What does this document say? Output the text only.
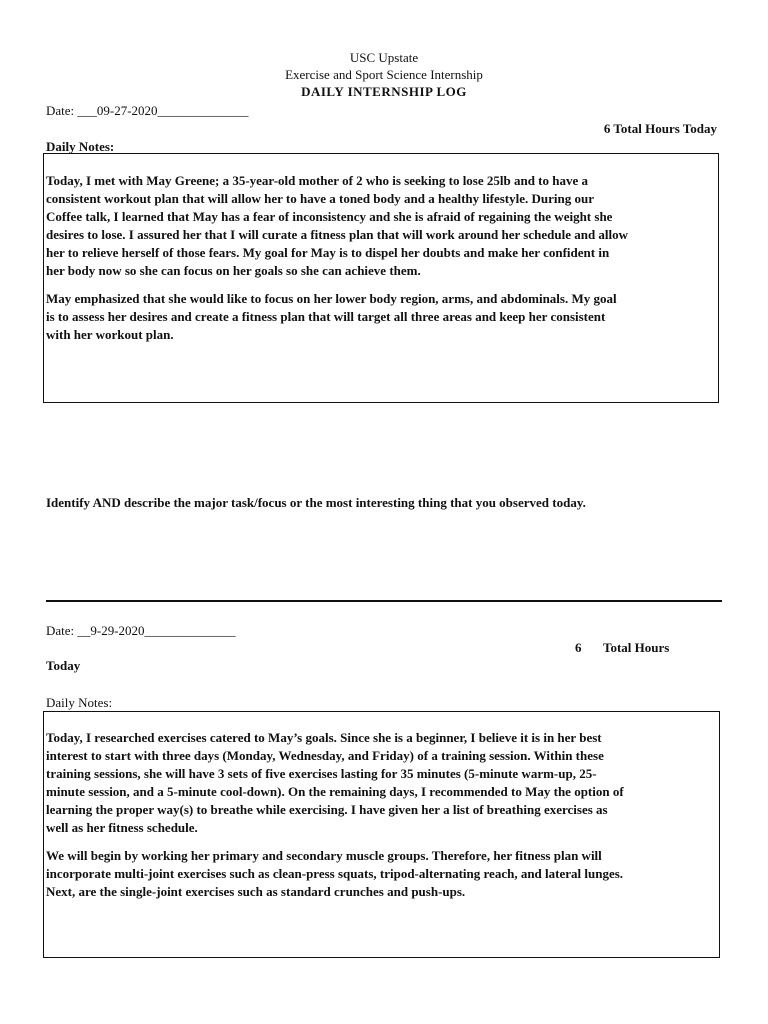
USC Upstate
Exercise and Sport Science Internship
DAILY INTERNSHIP LOG
Date: ___09-27-2020______________
6 Total Hours Today
Daily Notes:

Today, I met with May Greene; a 35-year-old mother of 2 who is seeking to lose 25lb and to have a
consistent workout plan that will allow her to have a toned body and a healthy lifestyle. During our
Coffee talk, I learned that May has a fear of inconsistency and she is afraid of regaining the weight she
desires to lose. I assured her that I will curate a fitness plan that will work around her schedule and allow
her to relieve herself of those fears. My goal for May is to dispel her doubts and make her confident in
her body now so she can focus on her goals so she can achieve them.

May emphasized that she would like to focus on her lower body region, arms, and abdominals. My goal
is to assess her desires and create a fitness plan that will target all three areas and keep her consistent
with her workout plan.

Identify AND describe the major task/focus or the most interesting thing that you observed today.
Date: __9-29-2020______________
6 Total Hours
Today
Daily Notes:

Today, I researched exercises catered to May’s goals. Since she is a beginner, I believe it is in her best
interest to start with three days (Monday, Wednesday, and Friday) of a training session. Within these
training sessions, she will have 3 sets of five exercises lasting for 35 minutes (5-minute warm-up, 25-
minute session, and a 5-minute cool-down). On the remaining days, I recommended to May the option of
learning the proper way(s) to breathe while exercising. I have given her a list of breathing exercises as
well as her fitness schedule.

We will begin by working her primary and secondary muscle groups. Therefore, her fitness plan will
incorporate multi-joint exercises such as clean-press squats, tripod-alternating reach, and lateral lunges.
Next, are the single-joint exercises such as standard crunches and push-ups.
